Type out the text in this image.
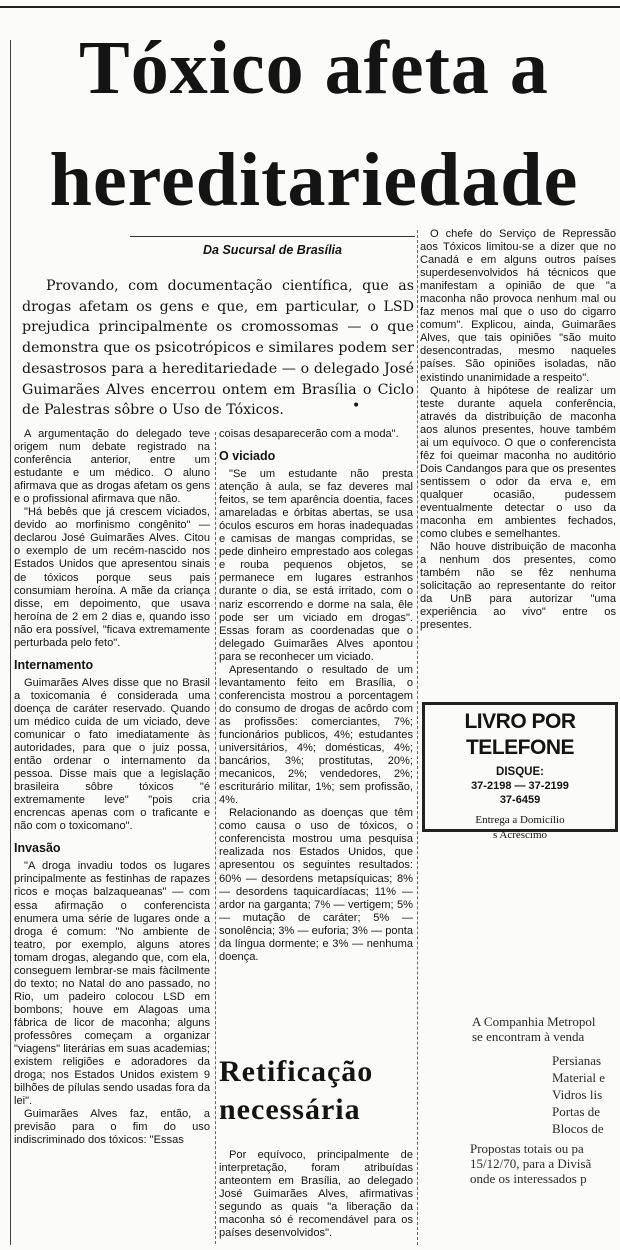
Tóxico afeta a
hereditariedade
Da Sucursal de Brasília

Provando, com documentação científica, que as drogas afetam os gens e que, em particular, o LSD prejudica principalmente os cromossomas — o que demonstra que os psicotrópicos e similares podem ser desastrosos para a hereditariedade — o delegado José Guimarães Alves encerrou ontem em Brasília o Ciclo de Palestras sôbre o Uso de Tóxicos.	•

A argumentação do delegado teve origem num debate registrado na conferência anterior, entre um estudante e um médico. O aluno afirmava que as drogas afetam os gens e o profissional afirmava que não.

"Há bebês que já crescem viciados, devido ao morfinismo congênito" — declarou José Guimarães Alves. Citou o exemplo de um recém-nascido nos Estados Unidos que apresentou sinais de tóxicos porque seus pais consumiam heroína. A mãe da criança disse, em depoimento, que usava heroína de 2 em 2 dias e, quando isso não era possível, "ficava extremamente perturbada pelo feto".

Internamento

Guimarães Alves disse que no Brasil a toxicomania é considerada uma doença de caráter reservado. Quando um médico cuida de um viciado, deve comunicar o fato imediatamente às autoridades, para que o juiz possa, então ordenar o internamento da pessoa. Disse mais que a legislação brasileira sôbre tóxicos "é extremamente leve" "pois cria encrencas apenas com o traficante e não com o toxicomano".

Invasão

"A droga invadiu todos os lugares principalmente as festinhas de rapazes ricos e moças balzaqueanas" — com essa afirmação o conferencista enumera uma série de lugares onde a droga é comum: "No ambiente de teatro, por exemplo, alguns atores tomam drogas, alegando que, com ela, conseguem lembrar-se mais fàcilmente do texto; no Natal do ano passado, no Rio, um padeiro colocou LSD em bombons; houve em Alagoas uma fábrica de licor de maconha; alguns professôres começam a organizar "viagens" literárias em suas academias; existem religiões e adoradores da droga; nos Estados Unidos existem 9 bilhões de pílulas sendo usadas fora da lei".

Guimarães Alves faz, então, a previsão para o fim do uso indiscriminado dos tóxicos: "Essas

coisas desaparecerão com a moda".

O viciado

"Se um estudante não presta atenção à aula, se faz deveres mal feitos, se tem aparência doentia, faces amareladas e órbitas abertas, se usa óculos escuros em horas inadequadas e camisas de mangas compridas, se pede dinheiro emprestado aos colegas e rouba pequenos objetos, se permanece em lugares estranhos durante o dia, se está irritado, com o nariz escorrendo e dorme na sala, êle pode ser um viciado em drogas". Essas foram as coordenadas que o delegado Guimarães Alves apontou para se reconhecer um viciado.

Apresentando o resultado de um levantamento feito em Brasília, o conferencista mostrou a porcentagem do consumo de drogas de acôrdo com as profissões: comerciantes, 7%; funcionários publicos, 4%; estudantes universitários, 4%; domésticas, 4%; bancários, 3%; prostitutas, 20%; mecanicos, 2%; vendedores, 2%; escriturário militar, 1%; sem profissão, 4%.

Relacionando as doenças que têm como causa o uso de tóxicos, o conferencista mostrou uma pesquisa realizada nos Estados Unidos, que apresentou os seguintes resultados: 60% — desordens metapsíquicas; 8% — desordens taquicardíacas; 11% — ardor na garganta; 7% — vertigem; 5% — mutação de caráter; 5% — sonolência; 3% — euforia; 3% — ponta da língua dormente; e 3% — nenhuma doença.

Retificação
necessária

Por equívoco, principalmente de interpretação, foram atribuídas anteontem em Brasília, ao delegado José Guimarães Alves, afirmativas segundo as quais "a liberação da maconha só é recomendável para os países desenvolvidos".

O chefe do Serviço de Repressão aos Tóxicos limitou-se a dizer que no Canadá e em alguns outros países superdesenvolvidos há técnicos que manifestam a opinião de que "a maconha não provoca nenhum mal ou faz menos mal que o uso do cigarro comum". Explicou, ainda, Guimarães Alves, que tais opiniões "são muito desencontradas, mesmo naqueles países. São opiniões isoladas, não existindo unanimidade a respeito".

Quanto à hipótese de realizar um teste durante aquela conferência, através da distribuição de maconha aos alunos presentes, houve também ai um equívoco. O que o conferencista fêz foi queimar maconha no auditório Dois Candangos para que os presentes sentissem o odor da erva e, em qualquer ocasião, pudessem eventualmente detectar o uso da maconha em ambientes fechados, como clubes e semelhantes.

Não houve distribuição de maconha a nenhum dos presentes, como também não se fêz nenhuma solicitação ao representante do reitor da UnB para autorizar "uma experiência ao vivo" entre os presentes.

LIVRO POR TELEFONE
DISQUE:
37-2198 — 37-2199
37-6459
Entrega a Domicílio
s Acréscimo
A Companhia Metropol
se encontram à venda
Persianas
Material e
Vidros lis
Portas de
Blocos de
Propostas totais ou pa
15/12/70, para a Divisã
onde os interessados p
